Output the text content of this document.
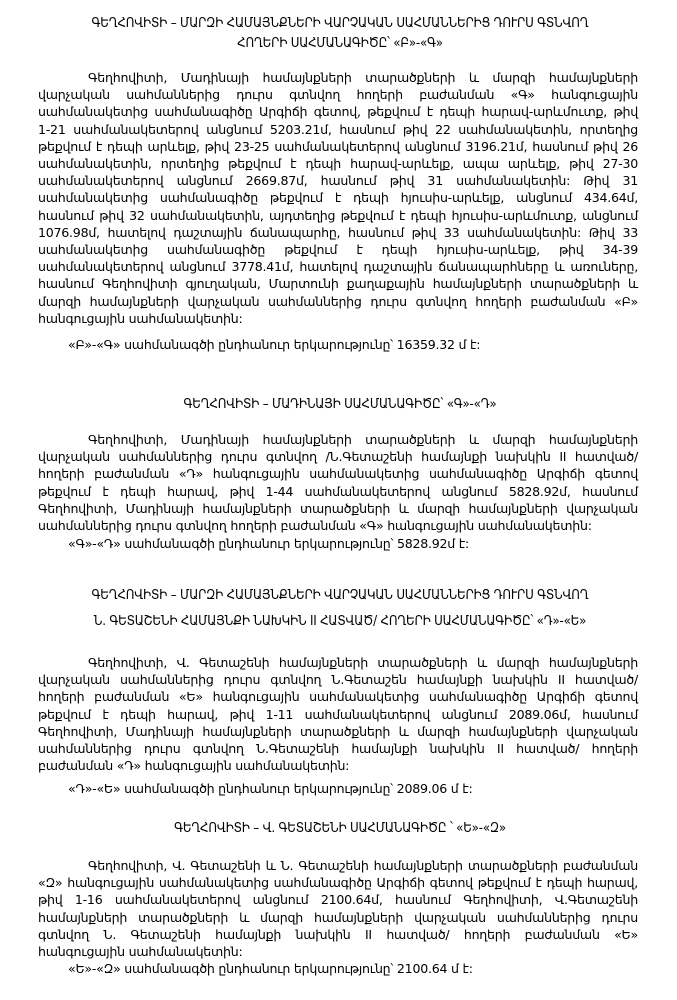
ԳԵՂՀՈՎԻՏԻ – ՄԱՐԶԻ ՀԱՄԱՅՆՔՆԵՐԻ ՎԱՐՉԱԿԱՆ ՍԱՀՄԱՆՆԵՐԻՑ ԴՈՒՐՍ ԳՏՆՎՈՂ
ՀՈՂԵՐԻ ՍԱՀՄԱՆԱԳԻԾԸ՝ «Բ»-«Գ»
Գեղհովիտի, Մադինայի համայնքների տարածքների և մարզի համայնքների
վարչական սահմաններից դուրս գտնվող հողերի բաժանման «Գ» հանգուցային
սահմանակետից սահմանագիծը Արգիճի գետով, թեքվում է դեպի հարավ-արևմուտք, թիվ
1-21 սահմանակետերով անցնում 5203.21մ, հասնում թիվ 22 սահմանակետին, որտեղից
թեքվում է դեպի արևելք, թիվ 23-25 սահմանակետերով անցնում 3196.21մ, հասնում թիվ 26
սահմանակետին, որտեղից թեքվում է դեպի հարավ-արևելք, ապա արևելք, թիվ 27-30
սահմանակետերով անցնում 2669.87մ, հասնում թիվ 31 սահմանակետին: Թիվ 31
սահմանակետից սահմանագիծը թեքվում է դեպի հյուսիս-արևելք, անցնում 434.64մ,
հասնում թիվ 32 սահմանակետին, այդտեղից թեքվում է դեպի հյուսիս-արևմուտք, անցնում
1076.98մ, հատելով դաշտային ճանապարհը, հասնում թիվ 33 սահմանակետին: Թիվ 33
սահմանակետից սահմանագիծը թեքվում է դեպի հյուսիս-արևելք, թիվ 34-39
սահմանակետերով անցնում 3778.41մ, հատելով դաշտային ճանապարհները և առուները,
հասնում Գեղհովիտի գյուղական, Մարտունի քաղաքային համայնքների տարածքների և
մարզի համայնքների վարչական սահմաններից դուրս գտնվող հողերի բաժանման «Բ»
հանգուցային սահմանակետին:
«Բ»-«Գ» սահմանագծի ընդհանուր երկարությունը՝ 16359.32 մ է:
ԳԵՂՀՈՎԻՏԻ – ՄԱԴԻՆԱՅԻ ՍԱՀՄԱՆԱԳԻԾԸ՝ «Գ»-«Դ»
Գեղհովիտի, Մադինայի համայնքների տարածքների և մարզի համայնքների
վարչական սահմաններից դուրս գտնվող /Ն.Գետաշենի համայնքի նախկին II հատված/
հողերի բաժանման «Դ» հանգուցային սահմանակետից սահմանագիծը Արգիճի գետով
թեքվում է դեպի հարավ, թիվ 1-44 սահմանակետերով անցնում 5828.92մ, հասնում
Գեղհովիտի, Մադինայի համայնքների տարածքների և մարզի համայնքների վարչական
սահմաններից դուրս գտնվող հողերի բաժանման «Գ» հանգուցային սահմանակետին:
«Գ»-«Դ» սահմանագծի ընդհանուր երկարությունը՝ 5828.92մ է:
ԳԵՂՀՈՎԻՏԻ – ՄԱՐԶԻ ՀԱՄԱՅՆՔՆԵՐԻ ՎԱՐՉԱԿԱՆ ՍԱՀՄԱՆՆԵՐԻՑ ԴՈՒՐՍ ԳՏՆՎՈՂ
Ն. ԳԵՏԱՇԵՆԻ ՀԱՄԱՅՆՔԻ ՆԱԽԿԻՆ II ՀԱՏՎԱԾ/ ՀՈՂԵՐԻ ՍԱՀՄԱՆԱԳԻԾԸ՝ «Դ»-«Ե»
Գեղհովիտի, Վ. Գետաշենի համայնքների տարածքների և մարզի համայնքների
վարչական սահմաններից դուրս գտնվող Ն.Գետաշեն համայնքի նախկին II հատված/
հողերի բաժանման «Ե» հանգուցային սահմանակետից սահմանագիծը Արգիճի գետով
թեքվում է դեպի հարավ, թիվ 1-11 սահմանակետերով անցնում 2089.06մ, հասնում
Գեղհովիտի, Մադինայի համայնքների տարածքների և մարզի համայնքների վարչական
սահմաններից դուրս գտնվող Ն.Գետաշենի համայնքի նախկին II հատված/ հողերի
բաժանման «Դ» հանգուցային սահմանակետին:
«Դ»-«Ե» սահմանագծի ընդհանուր երկարությունը՝ 2089.06 մ է:
ԳԵՂՀՈՎԻՏԻ – Վ. ԳԵՏԱՇԵՆԻ ՍԱՀՄԱՆԱԳԻԾԸ ՝ «Ե»-«Զ»
Գեղհովիտի, Վ. Գետաշենի և Ն. Գետաշենի համայնքների տարածքների բաժանման
«Զ» հանգուցային սահմանակետից սահմանագիծը Արգիճի գետով թեքվում է դեպի հարավ,
թիվ 1-16 սահմանակետերով անցնում 2100.64մ, հասնում Գեղհովիտի, Վ.Գետաշենի
համայնքների տարածքների և մարզի համայնքների վարչական սահմաններից դուրս
գտնվող Ն. Գետաշենի համայնքի նախկին II հատված/ հողերի բաժանման «Ե»
հանգուցային սահմանակետին:
«Ե»-«Զ» սահմանագծի ընդհանուր երկարությունը՝ 2100.64 մ է:
